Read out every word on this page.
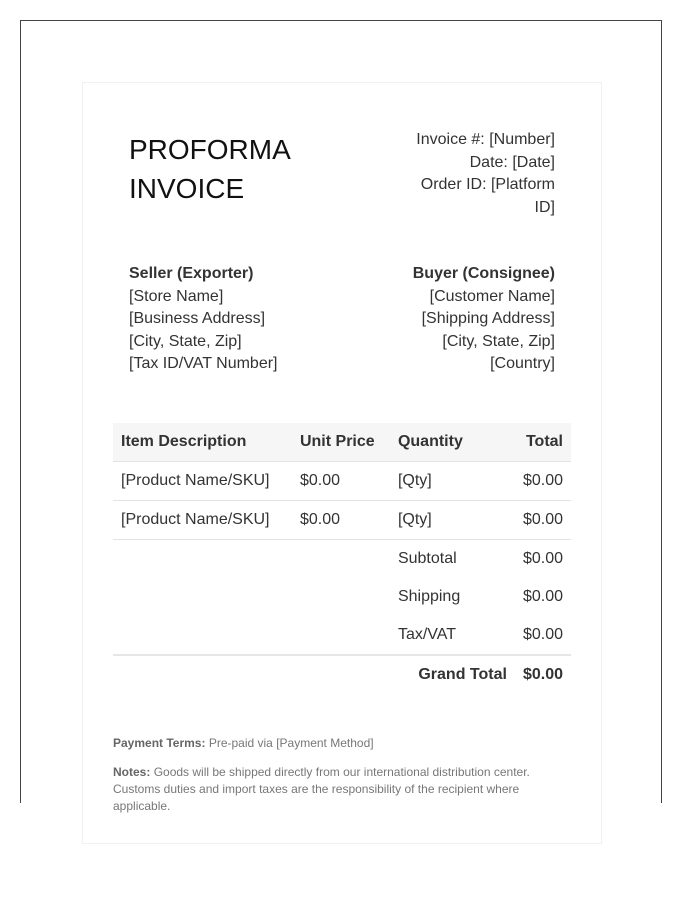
PROFORMA
INVOICE
Invoice #: [Number]
Date: [Date]
Order ID: [Platform
ID]
Seller (Exporter)
[Store Name]
[Business Address]
[City, State, Zip]
[Tax ID/VAT Number]
Buyer (Consignee)
[Customer Name]
[Shipping Address]
[City, State, Zip]
[Country]
Item Description	Unit Price	Quantity	Total
[Product Name/SKU]	$0.00	[Qty]	$0.00
[Product Name/SKU]	$0.00	[Qty]	$0.00
		Subtotal	$0.00
		Shipping	$0.00
		Tax/VAT	$0.00
		Grand Total	$0.00
Payment Terms: Pre-paid via [Payment Method]
Notes: Goods will be shipped directly from our international distribution center. Customs duties and import taxes are the responsibility of the recipient where applicable.
